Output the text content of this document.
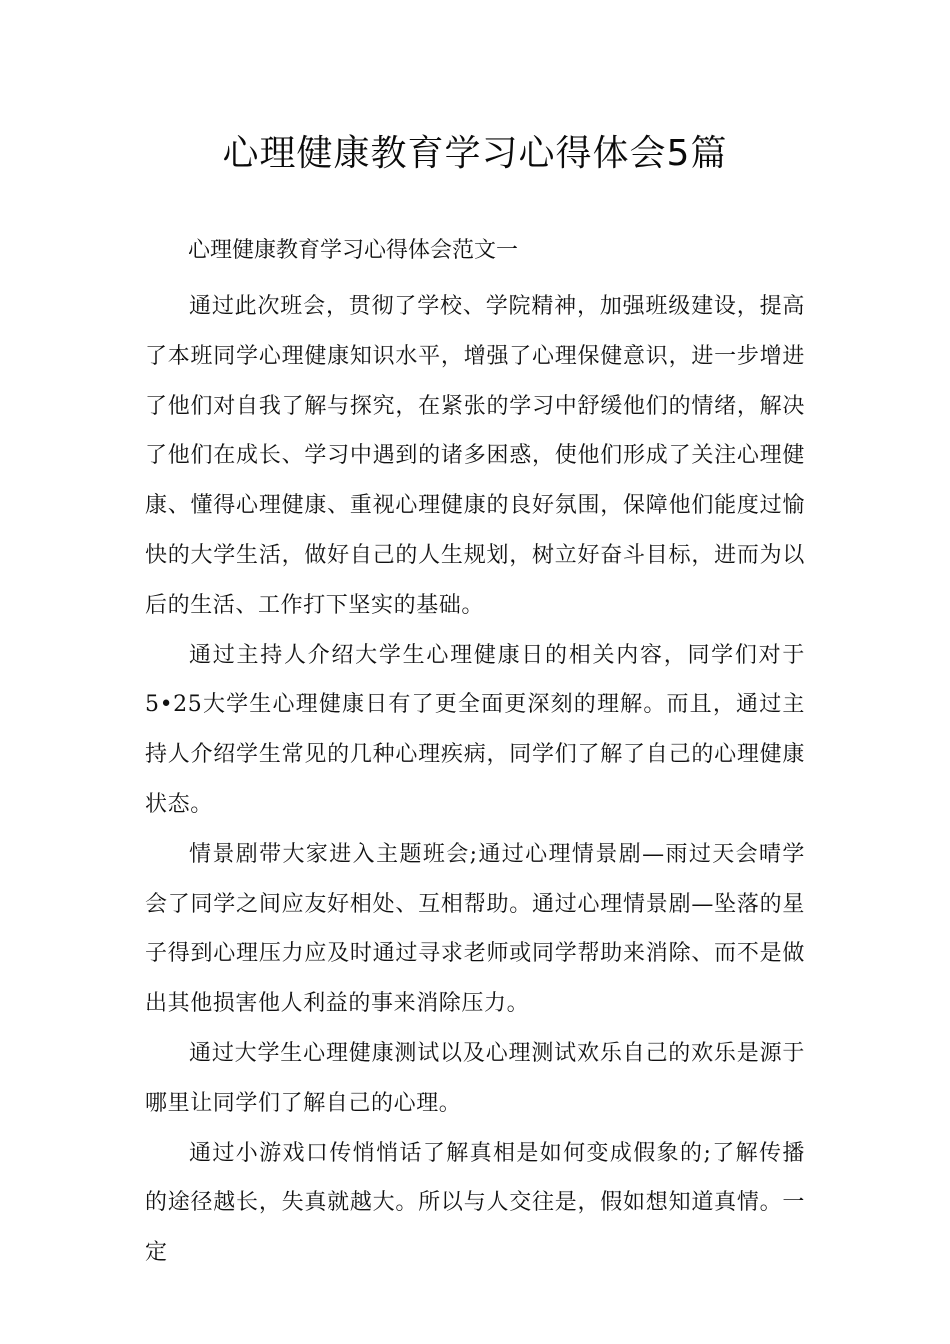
心理健康教育学习心得体会5篇

心理健康教育学习心得体会范文一

通过此次班会，贯彻了学校、学院精神，加强班级建设，提高了本班同学心理健康知识水平，增强了心理保健意识，进一步增进了他们对自我了解与探究，在紧张的学习中舒缓他们的情绪，解决了他们在成长、学习中遇到的诸多困惑，使他们形成了关注心理健康、懂得心理健康、重视心理健康的良好氛围，保障他们能度过愉快的大学生活，做好自己的人生规划，树立好奋斗目标，进而为以后的生活、工作打下坚实的基础。

通过主持人介绍大学生心理健康日的相关内容，同学们对于5•25大学生心理健康日有了更全面更深刻的理解。而且，通过主持人介绍学生常见的几种心理疾病，同学们了解了自己的心理健康状态。

情景剧带大家进入主题班会;通过心理情景剧—雨过天会晴学会了同学之间应友好相处、互相帮助。通过心理情景剧—坠落的星子得到心理压力应及时通过寻求老师或同学帮助来消除、而不是做出其他损害他人利益的事来消除压力。

通过大学生心理健康测试以及心理测试欢乐自己的欢乐是源于哪里让同学们了解自己的心理。

通过小游戏口传悄悄话了解真相是如何变成假象的;了解传播的途径越长，失真就越大。所以与人交往是，假如想知道真情。一定
